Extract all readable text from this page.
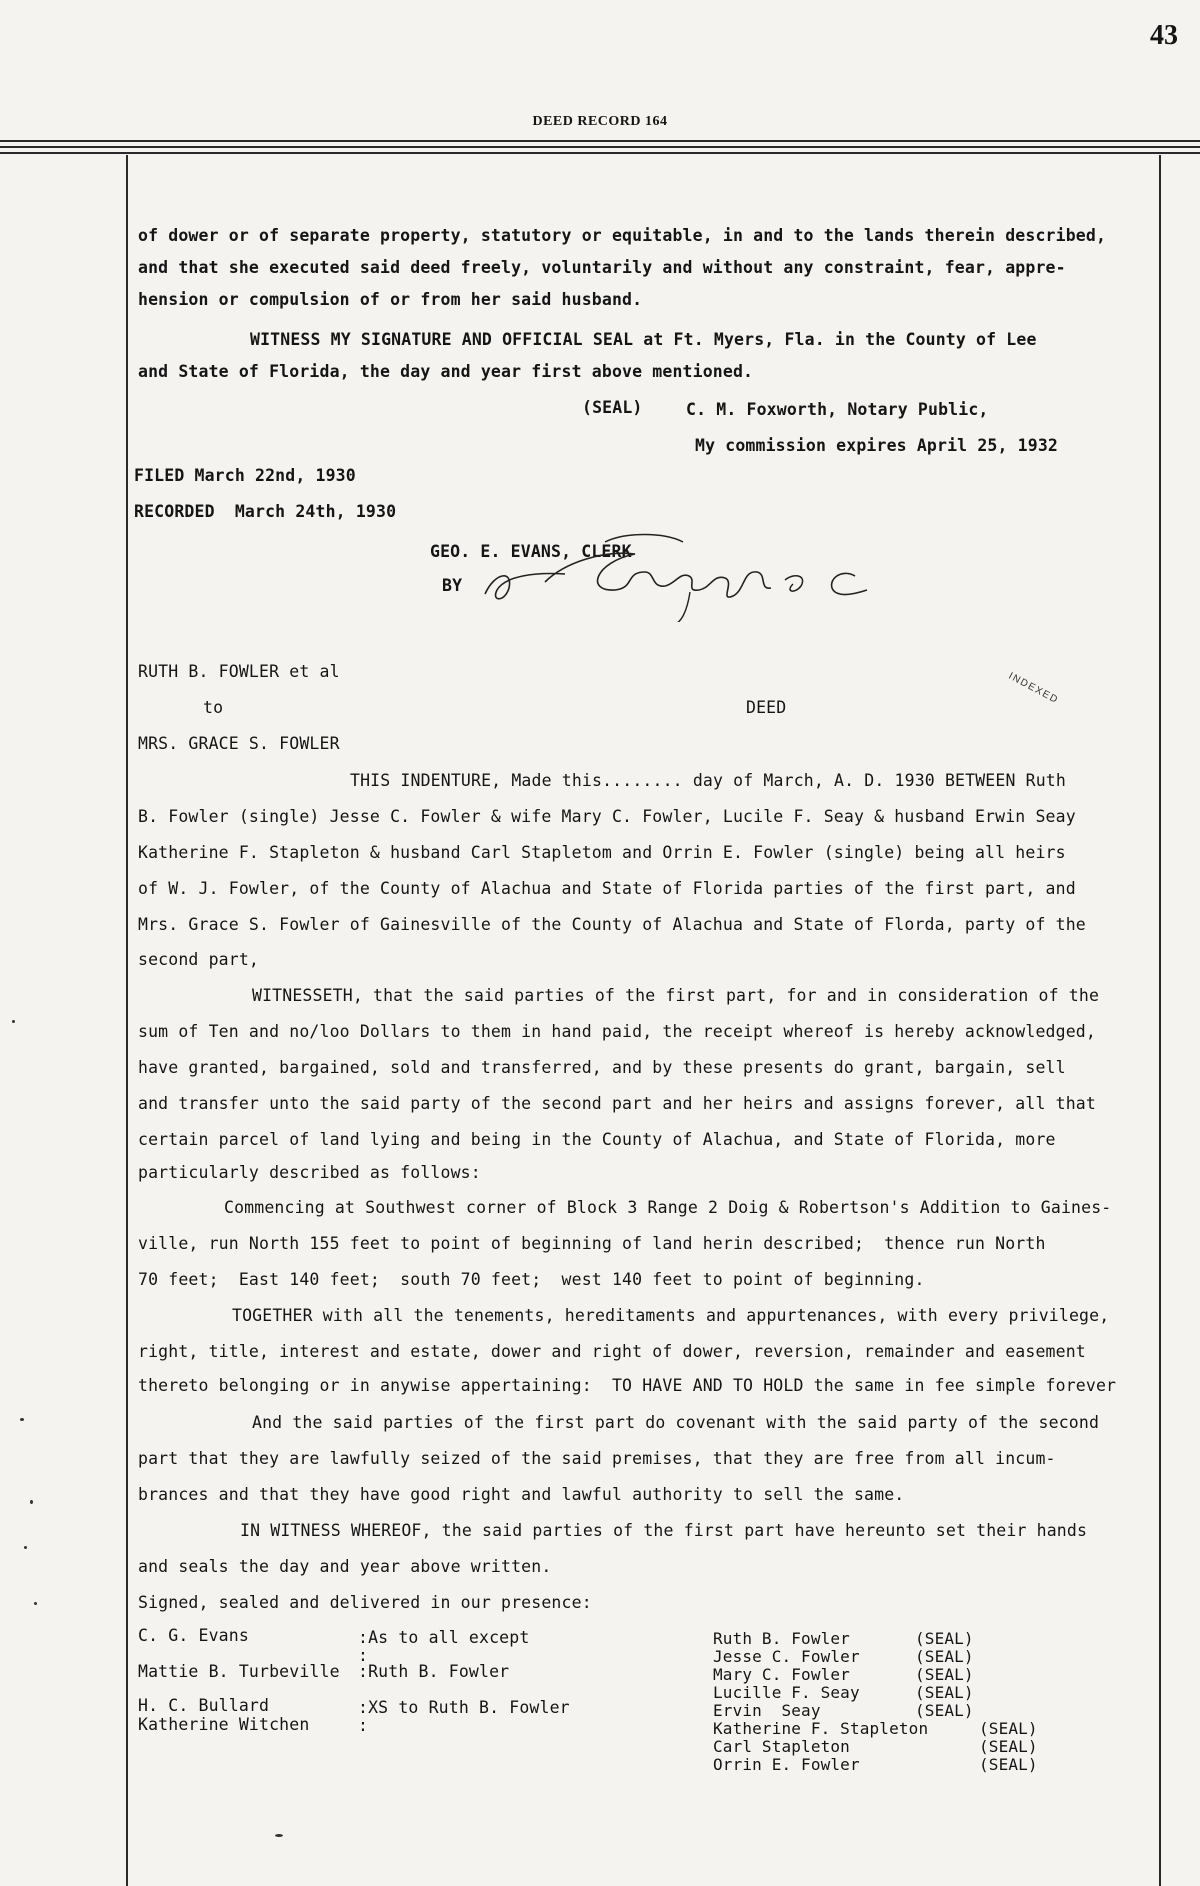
43
DEED RECORD 164
of dower or of separate property, statutory or equitable, in and to the lands therein described,
and that she executed said deed freely, voluntarily and without any constraint, fear, appre-
hension or compulsion of or from her said husband.
WITNESS MY SIGNATURE AND OFFICIAL SEAL at Ft. Myers, Fla. in the County of Lee
and State of Florida, the day and year first above mentioned.
(SEAL)	C. M. Foxworth, Notary Public,
My commission expires April 25, 1932
FILED March 22nd, 1930
RECORDED  March 24th, 1930
GEO. E. EVANS, CLERK
BY
INDEXED
RUTH B. FOWLER et al
to	DEED
MRS. GRACE S. FOWLER
THIS INDENTURE, Made this........ day of March, A. D. 1930 BETWEEN Ruth
B. Fowler (single) Jesse C. Fowler & wife Mary C. Fowler, Lucile F. Seay & husband Erwin Seay
Katherine F. Stapleton & husband Carl Stapletom and Orrin E. Fowler (single) being all heirs
of W. J. Fowler, of the County of Alachua and State of Florida parties of the first part, and
Mrs. Grace S. Fowler of Gainesville of the County of Alachua and State of Florda, party of the
second part,
WITNESSETH, that the said parties of the first part, for and in consideration of the
sum of Ten and no/loo Dollars to them in hand paid, the receipt whereof is hereby acknowledged,
have granted, bargained, sold and transferred, and by these presents do grant, bargain, sell
and transfer unto the said party of the second part and her heirs and assigns forever, all that
certain parcel of land lying and being in the County of Alachua, and State of Florida, more
particularly described as follows:
Commencing at Southwest corner of Block 3 Range 2 Doig & Robertson's Addition to Gaines-
ville, run North 155 feet to point of beginning of land herin described;  thence run North
70 feet;  East 140 feet;  south 70 feet;  west 140 feet to point of beginning.
TOGETHER with all the tenements, hereditaments and appurtenances, with every privilege,
right, title, interest and estate, dower and right of dower, reversion, remainder and easement
thereto belonging or in anywise appertaining:  TO HAVE AND TO HOLD the same in fee simple forever
And the said parties of the first part do covenant with the said party of the second
part that they are lawfully seized of the said premises, that they are free from all incum-
brances and that they have good right and lawful authority to sell the same.
IN WITNESS WHEREOF, the said parties of the first part have hereunto set their hands
and seals the day and year above written.
Signed, sealed and delivered in our presence:
C. G. Evans	:As to all except
:
Mattie B. Turbeville :Ruth B. Fowler
H. C. Bullard	:XS to Ruth B. Fowler
Katherine Witchen	:
Ruth B. Fowler	(SEAL)
Jesse C. Fowler	(SEAL)
Mary C. Fowler	(SEAL)
Lucille F. Seay	(SEAL)
Ervin  Seay	(SEAL)
Katherine F. Stapleton	(SEAL)
Carl Stapleton	(SEAL)
Orrin E. Fowler	(SEAL)
